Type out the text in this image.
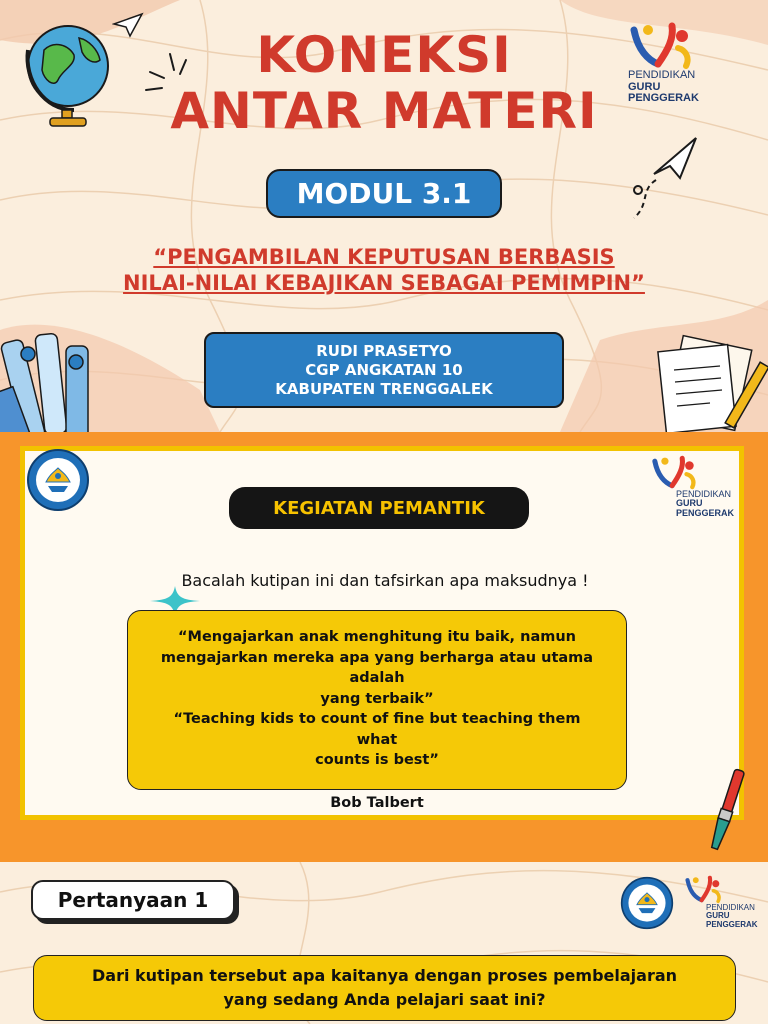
KONEKSI
ANTAR MATERI
PENDIDIKAN
GURU
PENGGERAK
MODUL 3.1
“PENGAMBILAN KEPUTUSAN BERBASIS
NILAI-NILAI KEBAJIKAN SEBAGAI PEMIMPIN”
RUDI PRASETYO
CGP ANGKATAN 10
KABUPATEN TRENGGALEK
PENDIDIKAN
GURU
PENGGERAK
KEGIATAN PEMANTIK
Bacalah kutipan ini dan tafsirkan apa maksudnya !

“Mengajarkan anak menghitung itu baik, namun

mengajarkan mereka apa yang berharga atau utama adalah

yang terbaik”

“Teaching kids to count of fine but teaching them what

counts is best”

Bob Talbert

Pertanyaan 1	PENDIDIKAN
GURU
PENGGERAK
Dari kutipan tersebut apa kaitanya dengan proses pembelajaran
yang sedang Anda pelajari saat ini?
